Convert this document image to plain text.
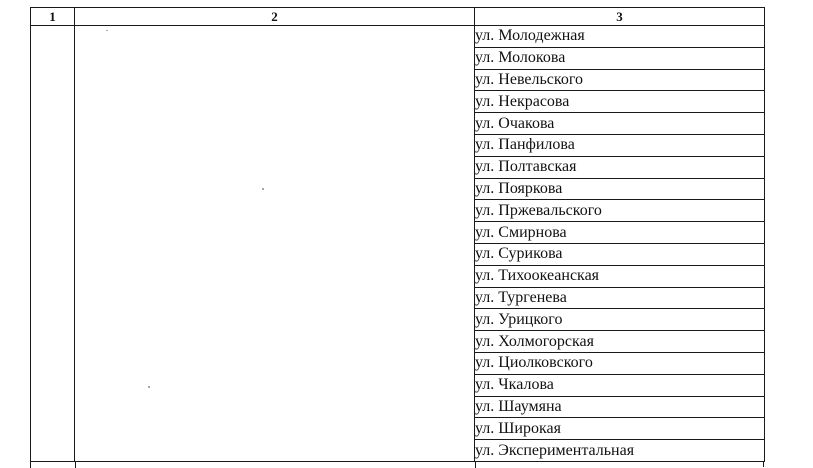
1	2	3
		ул. Молодежная
		ул. Молокова
		ул. Невельского
		ул. Некрасова
		ул. Очакова
		ул. Панфилова
		ул. Полтавская
		ул. Пояркова
		ул. Пржевальского
		ул. Смирнова
		ул. Сурикова
		ул. Тихоокеанская
		ул. Тургенева
		ул. Урицкого
		ул. Холмогорская
		ул. Циолковского
		ул. Чкалова
		ул. Шаумяна
		ул. Широкая
		ул. Экспериментальная
